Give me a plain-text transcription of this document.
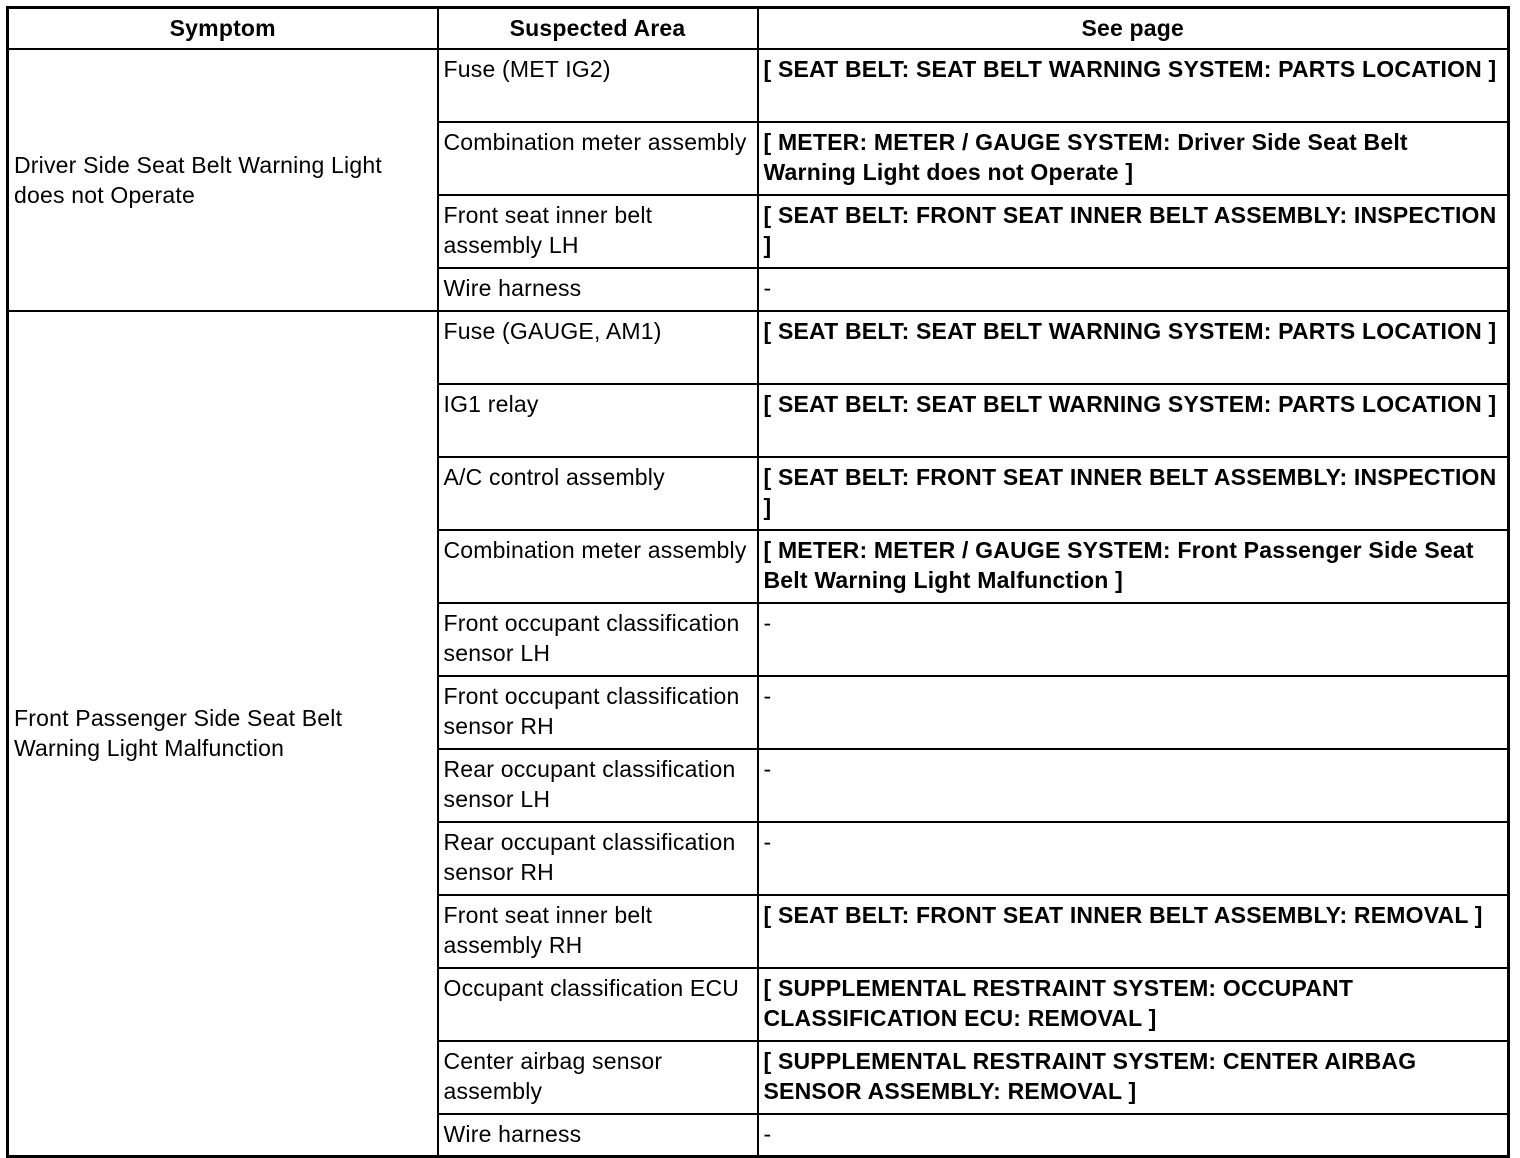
Symptom	Suspected Area	See page
Driver Side Seat Belt Warning Light does not Operate	Fuse (MET IG2)	[ SEAT BELT: SEAT BELT WARNING SYSTEM: PARTS LOCATION ]
	Combination meter assembly	[ METER: METER / GAUGE SYSTEM: Driver Side Seat Belt Warning Light does not Operate ]
	Front seat inner belt assembly LH	[ SEAT BELT: FRONT SEAT INNER BELT ASSEMBLY: INSPECTION ]
	Wire harness	-
Front Passenger Side Seat Belt Warning Light Malfunction	Fuse (GAUGE, AM1)	[ SEAT BELT: SEAT BELT WARNING SYSTEM: PARTS LOCATION ]
	IG1 relay	[ SEAT BELT: SEAT BELT WARNING SYSTEM: PARTS LOCATION ]
	A/C control assembly	[ SEAT BELT: FRONT SEAT INNER BELT ASSEMBLY: INSPECTION ]
	Combination meter assembly	[ METER: METER / GAUGE SYSTEM: Front Passenger Side Seat Belt Warning Light Malfunction ]
	Front occupant classification sensor LH	-
	Front occupant classification sensor RH	-
	Rear occupant classification sensor LH	-
	Rear occupant classification sensor RH	-
	Front seat inner belt assembly RH	[ SEAT BELT: FRONT SEAT INNER BELT ASSEMBLY: REMOVAL ]
	Occupant classification ECU	[ SUPPLEMENTAL RESTRAINT SYSTEM: OCCUPANT CLASSIFICATION ECU: REMOVAL ]
	Center airbag sensor assembly	[ SUPPLEMENTAL RESTRAINT SYSTEM: CENTER AIRBAG SENSOR ASSEMBLY: REMOVAL ]
	Wire harness	-
